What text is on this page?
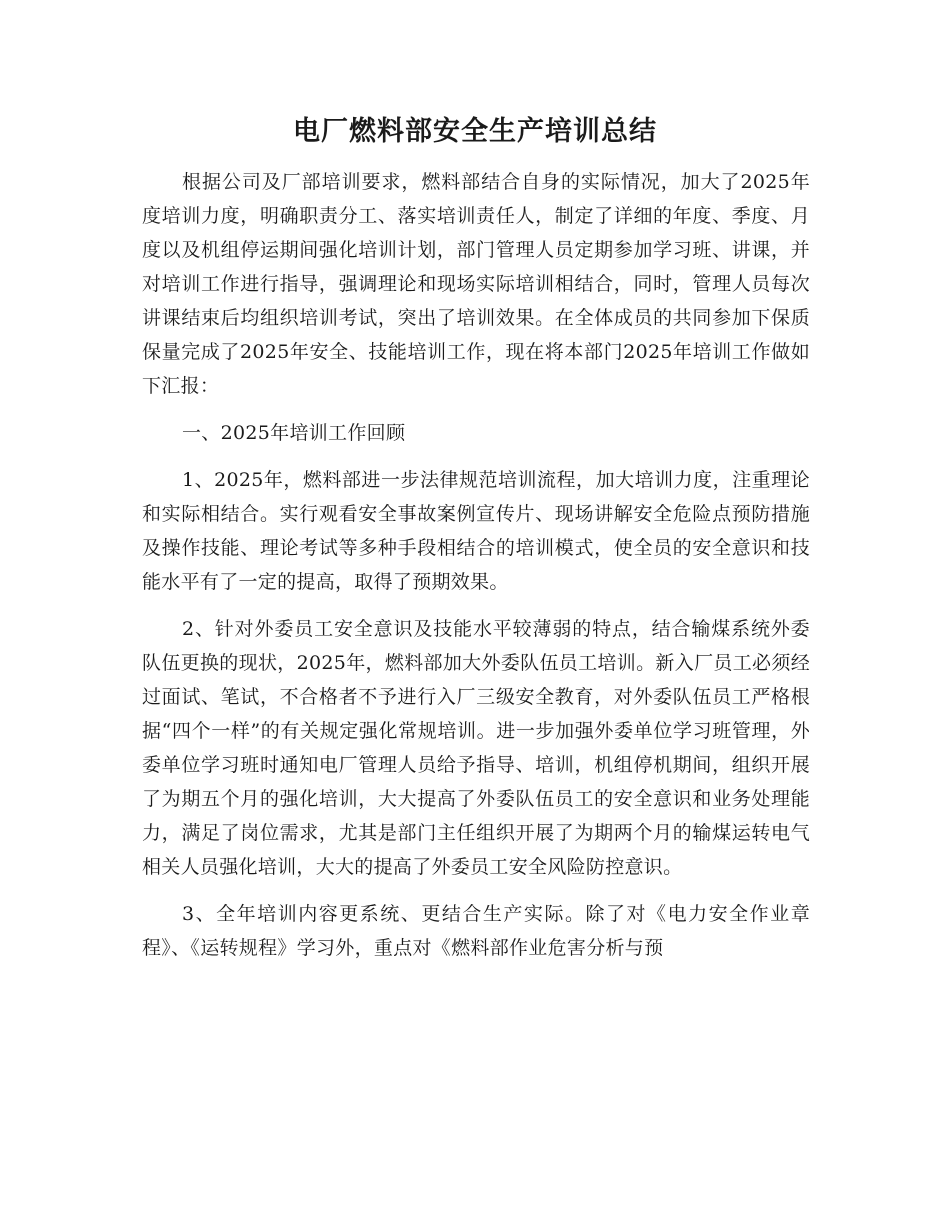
电厂燃料部安全生产培训总结

根据公司及厂部培训要求，燃料部结合自身的实际情况，加大了2025年度培训力度，明确职责分工、落实培训责任人，制定了详细的年度、季度、月度以及机组停运期间强化培训计划，部门管理人员定期参加学习班、讲课，并对培训工作进行指导，强调理论和现场实际培训相结合，同时，管理人员每次讲课结束后均组织培训考试，突出了培训效果。在全体成员的共同参加下保质保量完成了2025年安全、技能培训工作，现在将本部门2025年培训工作做如下汇报：

一、2025年培训工作回顾

1、2025年，燃料部进一步法律规范培训流程，加大培训力度，注重理论和实际相结合。实行观看安全事故案例宣传片、现场讲解安全危险点预防措施及操作技能、理论考试等多种手段相结合的培训模式，使全员的安全意识和技能水平有了一定的提高，取得了预期效果。

2、针对外委员工安全意识及技能水平较薄弱的特点，结合输煤系统外委队伍更换的现状，2025年，燃料部加大外委队伍员工培训。新入厂员工必须经过面试、笔试，不合格者不予进行入厂三级安全教育，对外委队伍员工严格根据“四个一样”的有关规定强化常规培训。进一步加强外委单位学习班管理，外委单位学习班时通知电厂管理人员给予指导、培训，机组停机期间，组织开展了为期五个月的强化培训，大大提高了外委队伍员工的安全意识和业务处理能力，满足了岗位需求，尤其是部门主任组织开展了为期两个月的输煤运转电气相关人员强化培训，大大的提高了外委员工安全风险防控意识。

3、全年培训内容更系统、更结合生产实际。除了对《电力安全作业章程》、《运转规程》学习外，重点对《燃料部作业危害分析与预
